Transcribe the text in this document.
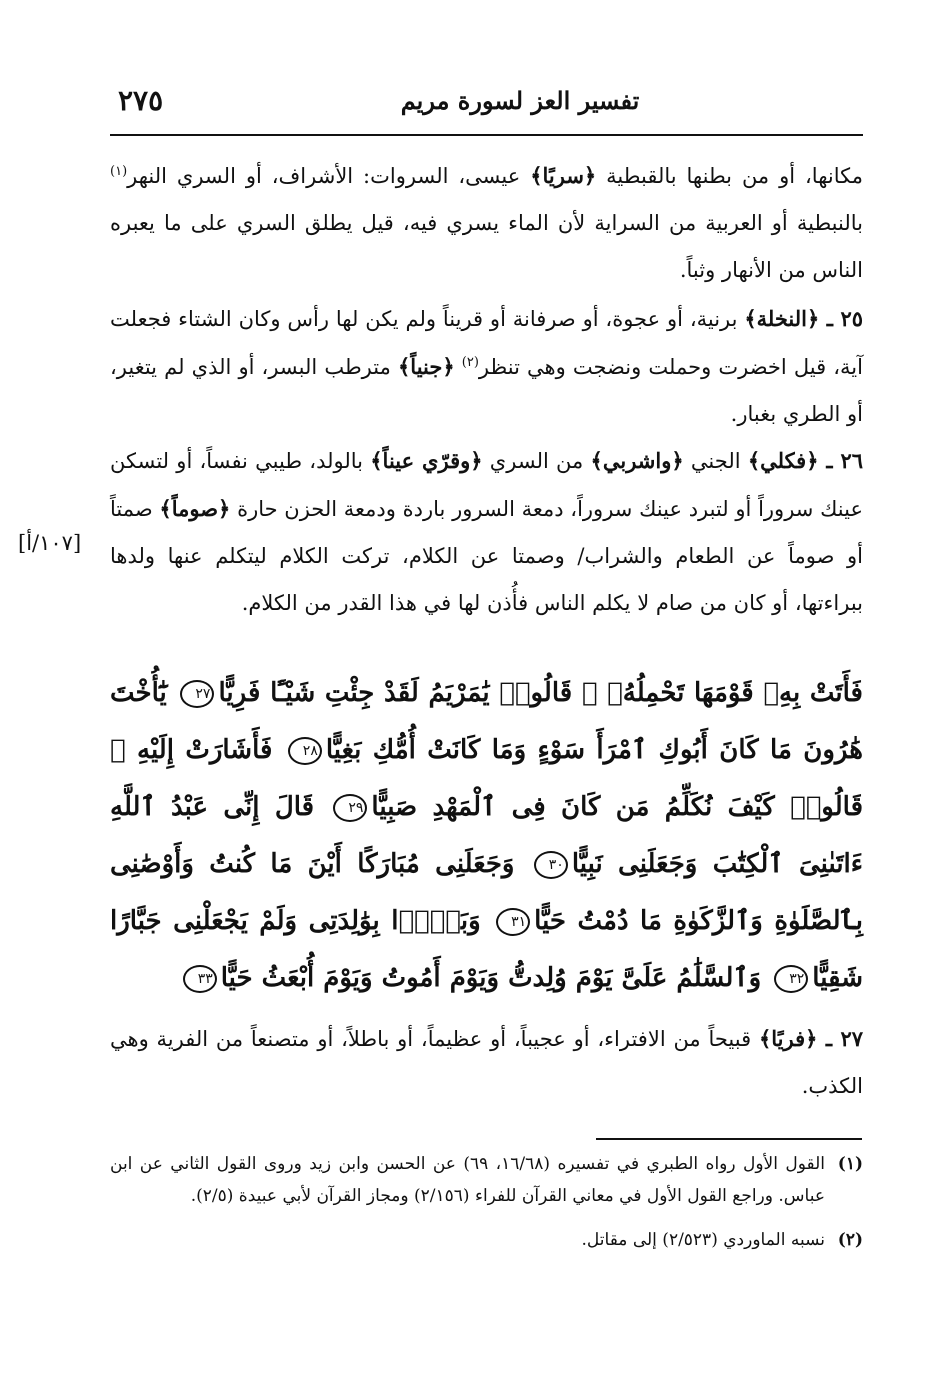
تفسير العز لسورة مريم
٢٧٥

مكانها، أو من بطنها بالقبطية ﴿سريًا﴾ عيسى، السروات: الأشراف، أو السري النهر$^{(١)}$ بالنبطية أو العربية من السراية لأن الماء يسري فيه، قيل يطلق السري على ما يعبره الناس من الأنهار وثباً.

٢٥ ـ ﴿النخلة﴾ برنية، أو عجوة، أو صرفانة أو قريناً ولم يكن لها رأس وكان الشتاء فجعلت آية، قيل اخضرت وحملت ونضجت وهي تنظر$^{(٢)}$ ﴿جنياً﴾ مترطب البسر، أو الذي لم يتغير، أو الطري بغبار.

٢٦ ـ ﴿فكلي﴾ الجني ﴿واشربي﴾ من السري ﴿وقرّي عيناً﴾ بالولد، طيبي نفساً، أو لتسكن عينك سروراً أو لتبرد عينك سروراً، دمعة السرور باردة ودمعة الحزن حارة ﴿صوماً﴾ صمتاً أو صوماً عن الطعام والشراب/ وصمتا عن الكلام، تركت الكلام ليتكلم عنها ولدها ببراءتها، أو كان من صام لا يكلم الناس فأُذن لها في هذا القدر من الكلام.

[١٠٧/أ]

فَأَتَتْ بِهِۦ قَوْمَهَا تَحْمِلُهُۥ ۖ قَالُوا۟ يَٰمَرْيَمُ لَقَدْ جِئْتِ شَيْـًٔا فَرِيًّا٢٧ يَٰٓأُخْتَ هَٰرُونَ مَا كَانَ أَبُوكِ ٱمْرَأَ سَوْءٍ وَمَا كَانَتْ أُمُّكِ بَغِيًّا٢٨ فَأَشَارَتْ إِلَيْهِ ۖ قَالُوا۟ كَيْفَ نُكَلِّمُ مَن كَانَ فِى ٱلْمَهْدِ صَبِيًّا٢٩ قَالَ إِنِّى عَبْدُ ٱللَّهِ ءَاتَىٰنِىَ ٱلْكِتَٰبَ وَجَعَلَنِى نَبِيًّا٣٠ وَجَعَلَنِى مُبَارَكًا أَيْنَ مَا كُنتُ وَأَوْصَٰنِى بِٱلصَّلَوٰةِ وَٱلزَّكَوٰةِ مَا دُمْتُ حَيًّا٣١ وَبَرًّۢا بِوَٰلِدَتِى وَلَمْ يَجْعَلْنِى جَبَّارًا شَقِيًّا٣٢ وَٱلسَّلَٰمُ عَلَىَّ يَوْمَ وُلِدتُّ وَيَوْمَ أَمُوتُ وَيَوْمَ أُبْعَثُ حَيًّا٣٣

٢٧ ـ ﴿فريًا﴾ قبيحاً من الافتراء، أو عجيباً، أو عظيماً، أو باطلاً، أو متصنعاً من الفرية وهي الكذب.

(١)
القول الأول رواه الطبري في تفسيره (١٦/٦٨، ٦٩) عن الحسن وابن زيد وروى القول الثاني عن ابن عباس. وراجع القول الأول في معاني القرآن للفراء (٢/١٥٦) ومجاز القرآن لأبي عبيدة (٢/٥).
(٢)
نسبه الماوردي (٢/٥٢٣) إلى مقاتل.
